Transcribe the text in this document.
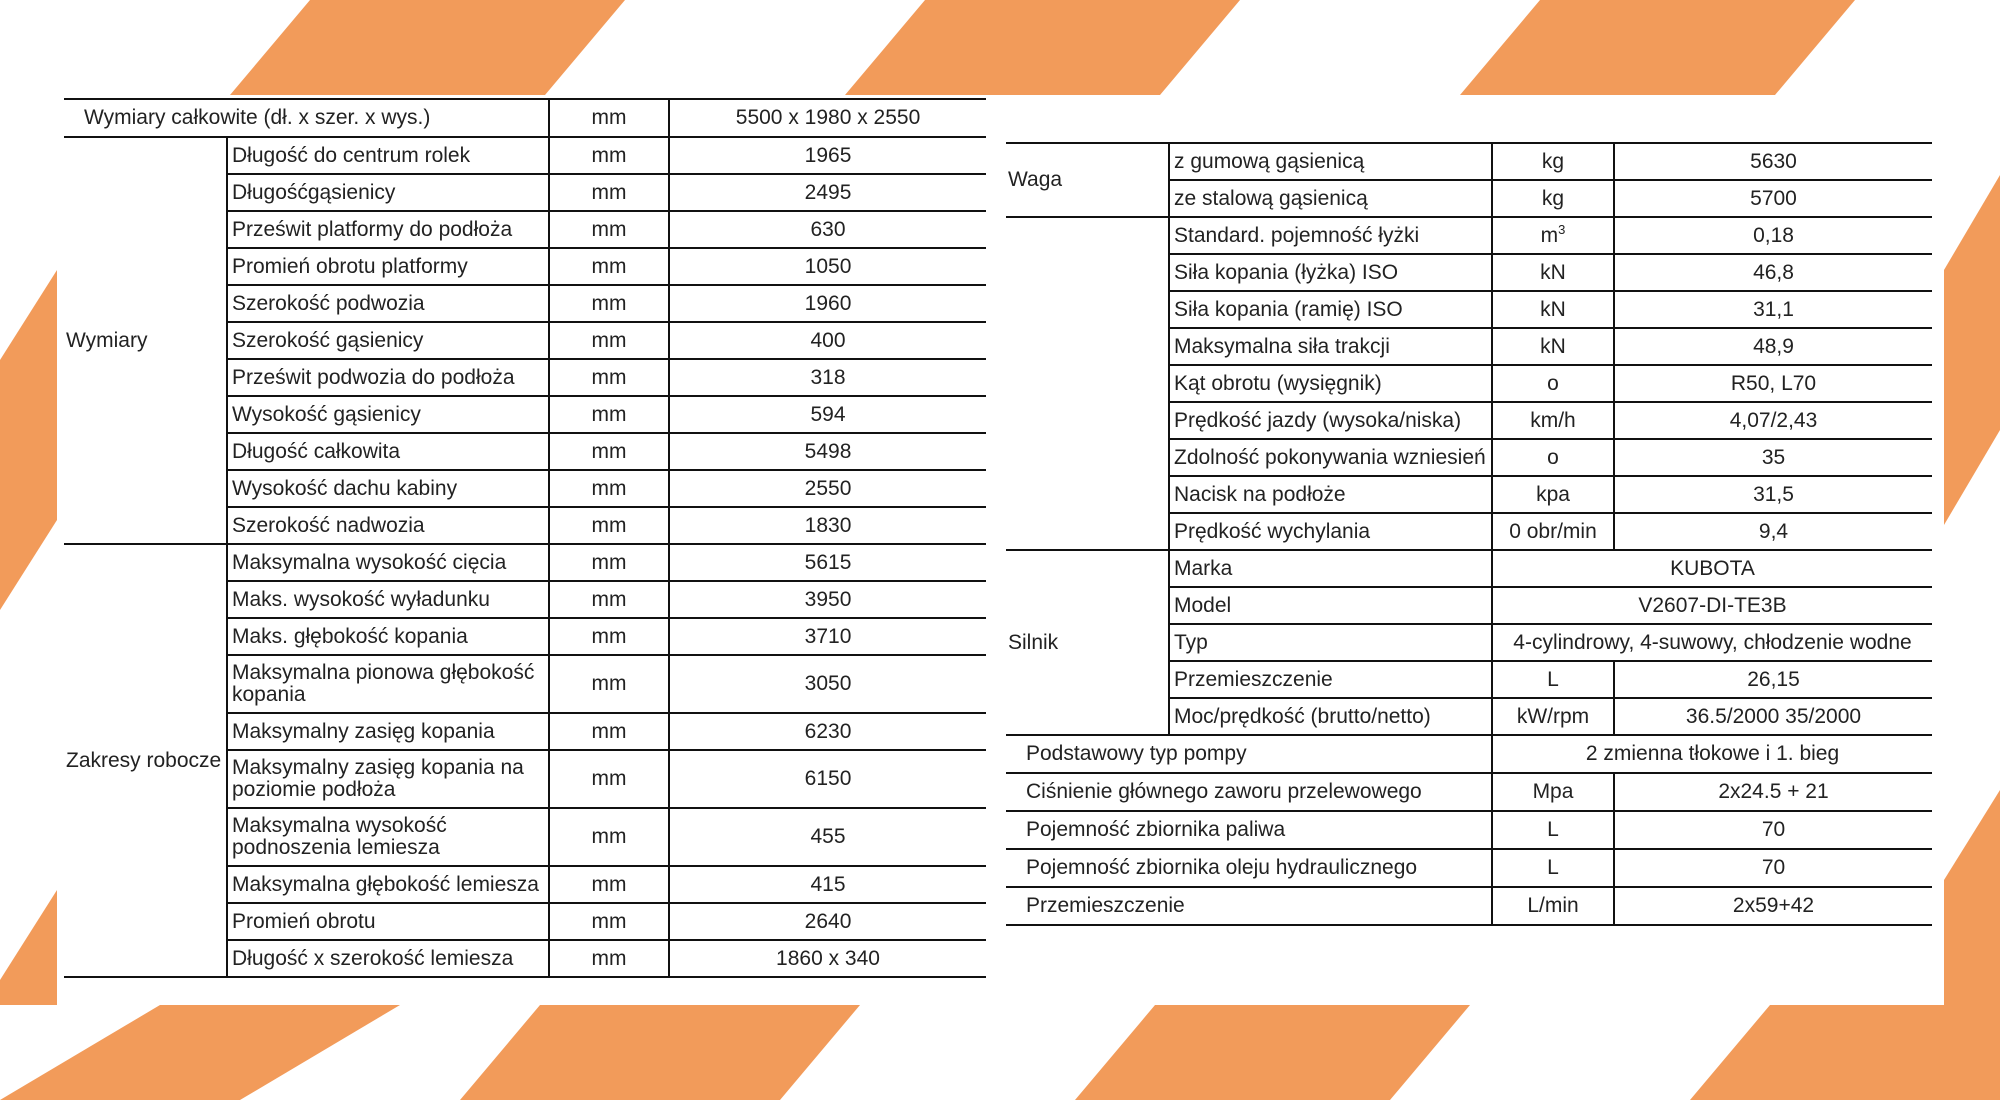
Wymiary całkowite (dł. x szer. x wys.)		mm	5500 x 1980 x 2550
Wymiary	Długość do centrum rolek	mm	1965
	Długośćgąsienicy	mm	2495
	Prześwit platformy do podłoża	mm	630
	Promień obrotu platformy	mm	1050
	Szerokość podwozia	mm	1960
	Szerokość gąsienicy	mm	400
	Prześwit podwozia do podłoża	mm	318
	Wysokość gąsienicy	mm	594
	Długość całkowita	mm	5498
	Wysokość dachu kabiny	mm	2550
	Szerokość nadwozia	mm	1830
Zakresy robocze	Maksymalna wysokość cięcia	mm	5615
	Maks. wysokość wyładunku	mm	3950
	Maks. głębokość kopania	mm	3710
	Maksymalna pionowa głębokość kopania	mm	3050
	Maksymalny zasięg kopania	mm	6230
	Maksymalny zasięg kopania na poziomie podłoża	mm	6150
	Maksymalna wysokość podnoszenia lemiesza	mm	455
	Maksymalna głębokość lemiesza	mm	415
	Promień obrotu	mm	2640
	Długość x szerokość lemiesza	mm	1860 x 340
Waga	z gumową gąsienicą	kg	5630
	ze stalową gąsienicą	kg	5700
	Standard. pojemność łyżki	$m^3$	0,18
	Siła kopania (łyżka) ISO	kN	46,8
	Siła kopania (ramię) ISO	kN	31,1
	Maksymalna siła trakcji	kN	48,9
	Kąt obrotu (wysięgnik)	o	R50, L70
	Prędkość jazdy (wysoka/niska)	km/h	4,07/2,43
	Zdolność pokonywania wzniesień	o	35
	Nacisk na podłoże	kpa	31,5
	Prędkość wychylania	0 obr/min	9,4
Silnik	Marka	KUBOTA	
	Model	V2607-DI-TE3B	
	Typ	4-cylindrowy, 4-suwowy, chłodzenie wodne	
	Przemieszczenie	L	26,15
	Moc/prędkość (brutto/netto)	kW/rpm	36.5/2000 35/2000
Podstawowy typ pompy		2 zmienna tłokowe i 1. bieg	
Ciśnienie głównego zaworu przelewowego		Mpa	2x24.5 + 21
Pojemność zbiornika paliwa		L	70
Pojemność zbiornika oleju hydraulicznego		L	70
Przemieszczenie		L/min	2x59+42
